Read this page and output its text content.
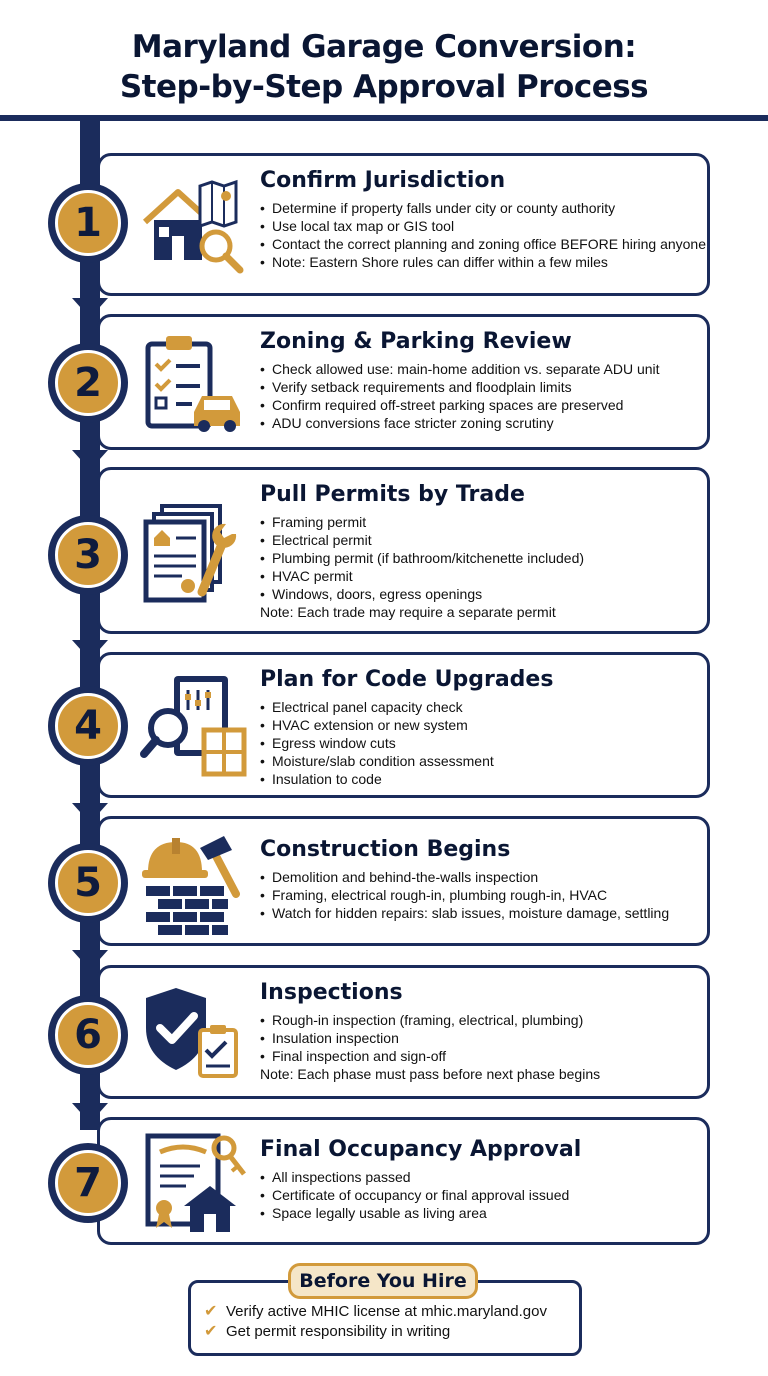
Maryland Garage Conversion:
Step-by-Step Approval Process
1
Confirm Jurisdiction
• Determine if property falls under city or county authority
• Use local tax map or GIS tool
• Contact the correct planning and zoning office BEFORE hiring anyone
• Note: Eastern Shore rules can differ within a few miles
2
Zoning & Parking Review
• Check allowed use: main-home addition vs. separate ADU unit
• Verify setback requirements and floodplain limits
• Confirm required off-street parking spaces are preserved
• ADU conversions face stricter zoning scrutiny
3
Pull Permits by Trade
• Framing permit
• Electrical permit
• Plumbing permit (if bathroom/kitchenette included)
• HVAC permit
• Windows, doors, egress openings
Note: Each trade may require a separate permit
4
Plan for Code Upgrades
• Electrical panel capacity check
• HVAC extension or new system
• Egress window cuts
• Moisture/slab condition assessment
• Insulation to code
5
Construction Begins
• Demolition and behind-the-walls inspection
• Framing, electrical rough-in, plumbing rough-in, HVAC
• Watch for hidden repairs: slab issues, moisture damage, settling
6
Inspections
• Rough-in inspection (framing, electrical, plumbing)
• Insulation inspection
• Final inspection and sign-off
Note: Each phase must pass before next phase begins
7
Final Occupancy Approval
• All inspections passed
• Certificate of occupancy or final approval issued
• Space legally usable as living area
Before You Hire
✔ Verify active MHIC license at mhic.maryland.gov
✔ Get permit responsibility in writing
